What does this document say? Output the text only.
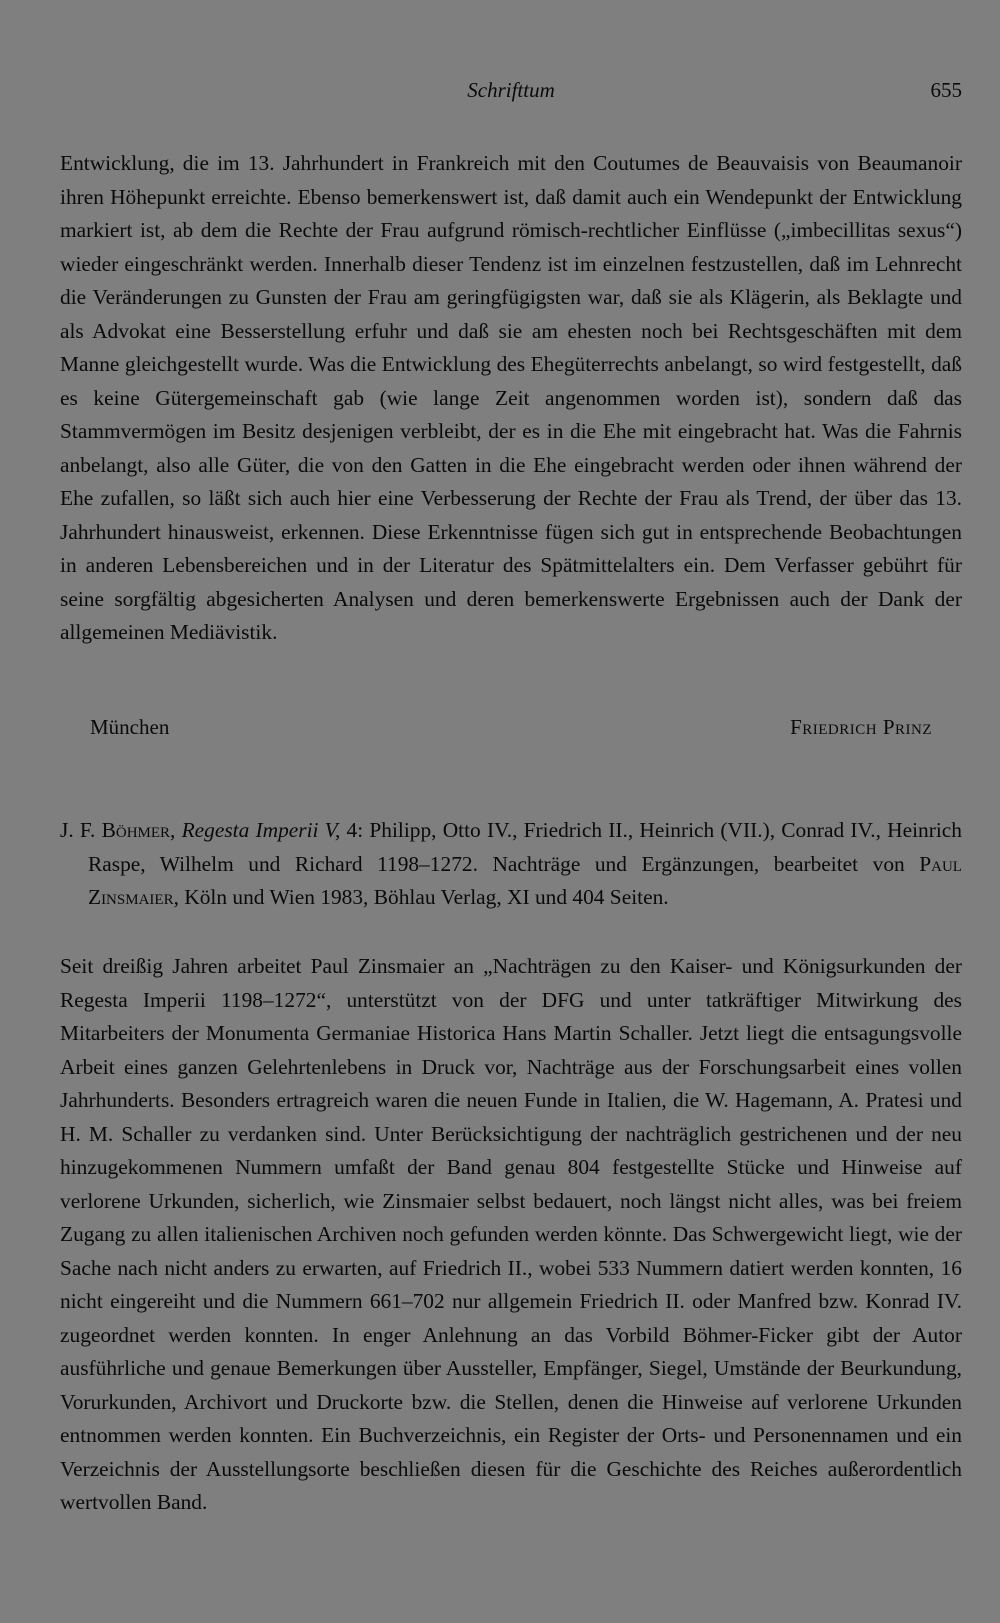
Schrifttum	655

Entwicklung, die im 13. Jahrhundert in Frankreich mit den Coutumes de Beauvaisis von Beaumanoir ihren Höhepunkt erreichte. Ebenso bemerkenswert ist, daß damit auch ein Wendepunkt der Entwicklung markiert ist, ab dem die Rechte der Frau aufgrund römisch-rechtlicher Einflüsse („imbecillitas sexus“) wieder eingeschränkt werden. Innerhalb dieser Tendenz ist im einzelnen festzustellen, daß im Lehnrecht die Veränderungen zu Gunsten der Frau am geringfügigsten war, daß sie als Klägerin, als Beklagte und als Advokat eine Besserstellung erfuhr und daß sie am ehesten noch bei Rechtsgeschäften mit dem Manne gleichgestellt wurde. Was die Entwicklung des Ehegüterrechts anbelangt, so wird festgestellt, daß es keine Gütergemeinschaft gab (wie lange Zeit angenommen worden ist), sondern daß das Stammvermögen im Besitz desjenigen verbleibt, der es in die Ehe mit eingebracht hat. Was die Fahrnis anbelangt, also alle Güter, die von den Gatten in die Ehe eingebracht werden oder ihnen während der Ehe zufallen, so läßt sich auch hier eine Verbesserung der Rechte der Frau als Trend, der über das 13. Jahrhundert hinausweist, erkennen. Diese Erkenntnisse fügen sich gut in entsprechende Beobachtungen in anderen Lebensbereichen und in der Literatur des Spätmittelalters ein. Dem Verfasser gebührt für seine sorgfältig abgesicherten Analysen und deren bemerkenswerte Ergebnissen auch der Dank der allgemeinen Mediävistik.

München	Friedrich Prinz

J. F. Böhmer, Regesta Imperii V, 4: Philipp, Otto IV., Friedrich II., Heinrich (VII.), Conrad IV., Heinrich Raspe, Wilhelm und Richard 1198–1272. Nachträge und Ergänzungen, bearbeitet von Paul Zinsmaier, Köln und Wien 1983, Böhlau Verlag, XI und 404 Seiten.

Seit dreißig Jahren arbeitet Paul Zinsmaier an „Nachträgen zu den Kaiser- und Königsurkunden der Regesta Imperii 1198–1272“, unterstützt von der DFG und unter tatkräftiger Mitwirkung des Mitarbeiters der Monumenta Germaniae Historica Hans Martin Schaller. Jetzt liegt die entsagungsvolle Arbeit eines ganzen Gelehrtenlebens in Druck vor, Nachträge aus der Forschungsarbeit eines vollen Jahrhunderts. Besonders ertragreich waren die neuen Funde in Italien, die W. Hagemann, A. Pratesi und H. M. Schaller zu verdanken sind. Unter Berücksichtigung der nachträglich gestrichenen und der neu hinzugekommenen Nummern umfaßt der Band genau 804 festgestellte Stücke und Hinweise auf verlorene Urkunden, sicherlich, wie Zinsmaier selbst bedauert, noch längst nicht alles, was bei freiem Zugang zu allen italienischen Archiven noch gefunden werden könnte. Das Schwergewicht liegt, wie der Sache nach nicht anders zu erwarten, auf Friedrich II., wobei 533 Nummern datiert werden konnten, 16 nicht eingereiht und die Nummern 661–702 nur allgemein Friedrich II. oder Manfred bzw. Konrad IV. zugeordnet werden konnten. In enger Anlehnung an das Vorbild Böhmer-Ficker gibt der Autor ausführliche und genaue Bemerkungen über Aussteller, Empfänger, Siegel, Umstände der Beurkundung, Vorurkunden, Archivort und Druckorte bzw. die Stellen, denen die Hinweise auf verlorene Urkunden entnommen werden konnten. Ein Buchverzeichnis, ein Register der Orts- und Personennamen und ein Verzeichnis der Ausstellungsorte beschließen diesen für die Geschichte des Reiches außerordentlich wertvollen Band.
